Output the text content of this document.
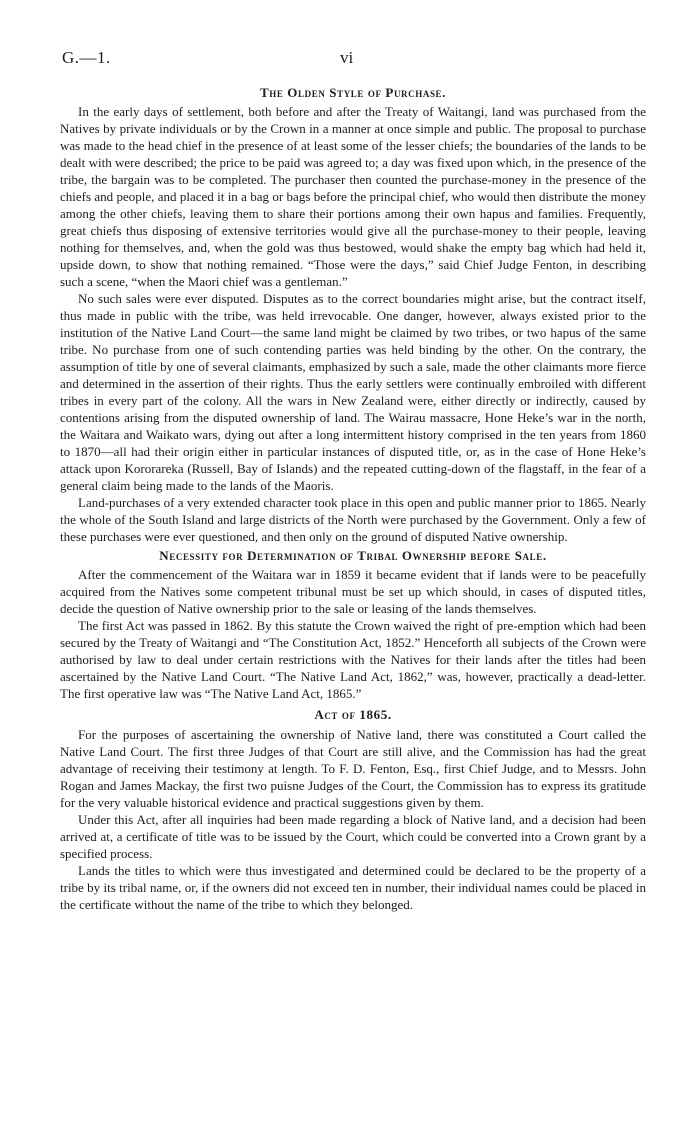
G.—1.	vi
The Olden Style of Purchase.

In the early days of settlement, both before and after the Treaty of Waitangi, land was purchased from the Natives by private individuals or by the Crown in a manner at once simple and public. The proposal to purchase was made to the head chief in the presence of at least some of the lesser chiefs; the boundaries of the lands to be dealt with were described; the price to be paid was agreed to; a day was fixed upon which, in the presence of the tribe, the bargain was to be completed. The purchaser then counted the purchase-money in the presence of the chiefs and people, and placed it in a bag or bags before the principal chief, who would then distribute the money among the other chiefs, leaving them to share their portions among their own hapus and families. Frequently, great chiefs thus disposing of extensive territories would give all the purchase-money to their people, leaving nothing for themselves, and, when the gold was thus bestowed, would shake the empty bag which had held it, upside down, to show that nothing remained. “Those were the days,” said Chief Judge Fenton, in describing such a scene, “when the Maori chief was a gentleman.”

No such sales were ever disputed. Disputes as to the correct boundaries might arise, but the contract itself, thus made in public with the tribe, was held irrevocable. One danger, however, always existed prior to the institution of the Native Land Court—the same land might be claimed by two tribes, or two hapus of the same tribe. No purchase from one of such contending parties was held binding by the other. On the contrary, the assumption of title by one of several claimants, emphasized by such a sale, made the other claimants more fierce and determined in the assertion of their rights. Thus the early settlers were continually embroiled with different tribes in every part of the colony. All the wars in New Zealand were, either directly or indirectly, caused by contentions arising from the disputed ownership of land. The Wairau massacre, Hone Heke’s war in the north, the Waitara and Waikato wars, dying out after a long intermittent history comprised in the ten years from 1860 to 1870—all had their origin either in particular instances of disputed title, or, as in the case of Hone Heke’s attack upon Kororareka (Russell, Bay of Islands) and the repeated cutting-down of the flagstaff, in the fear of a general claim being made to the lands of the Maoris.

Land-purchases of a very extended character took place in this open and public manner prior to 1865. Nearly the whole of the South Island and large districts of the North were purchased by the Government. Only a few of these purchases were ever questioned, and then only on the ground of disputed Native ownership.

Necessity for Determination of Tribal Ownership before Sale.

After the commencement of the Waitara war in 1859 it became evident that if lands were to be peacefully acquired from the Natives some competent tribunal must be set up which should, in cases of disputed titles, decide the question of Native ownership prior to the sale or leasing of the lands themselves.

The first Act was passed in 1862. By this statute the Crown waived the right of pre-emption which had been secured by the Treaty of Waitangi and “The Constitution Act, 1852.” Henceforth all subjects of the Crown were authorised by law to deal under certain restrictions with the Natives for their lands after the titles had been ascertained by the Native Land Court. “The Native Land Act, 1862,” was, however, practically a dead-letter. The first operative law was “The Native Land Act, 1865.”

Act of 1865.

For the purposes of ascertaining the ownership of Native land, there was constituted a Court called the Native Land Court. The first three Judges of that Court are still alive, and the Commission has had the great advantage of receiving their testimony at length. To F. D. Fenton, Esq., first Chief Judge, and to Messrs. John Rogan and James Mackay, the first two puisne Judges of the Court, the Commission has to express its gratitude for the very valuable historical evidence and practical suggestions given by them.

Under this Act, after all inquiries had been made regarding a block of Native land, and a decision had been arrived at, a certificate of title was to be issued by the Court, which could be converted into a Crown grant by a specified process.

Lands the titles to which were thus investigated and determined could be declared to be the property of a tribe by its tribal name, or, if the owners did not exceed ten in number, their individual names could be placed in the certificate without the name of the tribe to which they belonged.
